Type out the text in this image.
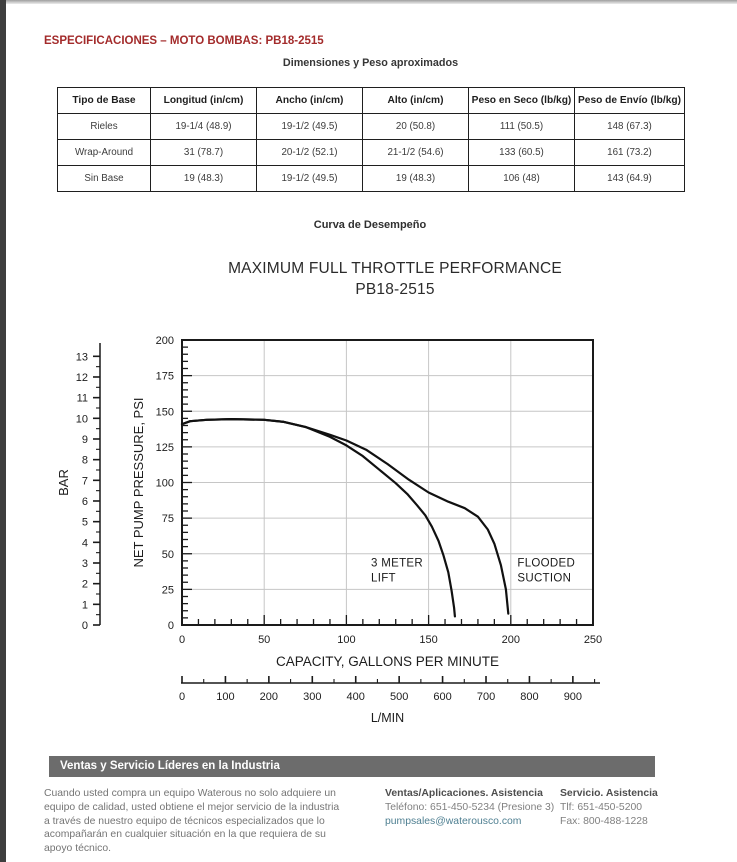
ESPECIFICACIONES – MOTO BOMBAS: PB18-2515
Dimensiones y Peso aproximados
Tipo de Base	Longitud (in/cm)	Ancho (in/cm)	Alto (in/cm)	Peso en Seco (lb/kg)	Peso de Envío (lb/kg)
Rieles	19-1/4 (48.9)	19-1/2 (49.5)	20 (50.8)	111 (50.5)	148 (67.3)
Wrap-Around	31 (78.7)	20-1/2 (52.1)	21-1/2 (54.6)	133 (60.5)	161 (73.2)
Sin Base	19 (48.3)	19-1/2 (49.5)	19 (48.3)	106 (48)	143 (64.9)
Curva de Desempeño
MAXIMUM FULL THROTTLE PERFORMANCE
PB18-2515
0	50	100	150	200	250
0
25
50
75
100
125
150
175
200
CAPACITY, GALLONS PER MINUTE
NET PUMP PRESSURE, PSI
0
1
2
3
4
5
6
7
8
9
10
11
12
13
BAR
0	100 200 300 400 500 600 700 800 900
L/MIN
3 METER LIFT
FLOODED SUCTION
Ventas y Servicio Líderes en la Industria
Cuando usted compra un equipo Waterous no solo adquiere un equipo de calidad, usted obtiene el mejor servicio de la industria a través de nuestro equipo de técnicos especializados que lo acompañarán en cualquier situación en la que requiera de su apoyo técnico.
Ventas/Aplicaciones. Asistencia
Teléfono: 651-450-5234 (Presione 3)
pumpsales@waterousco.com
Servicio. Asistencia
Tlf: 651-450-5200
Fax: 800-488-1228
